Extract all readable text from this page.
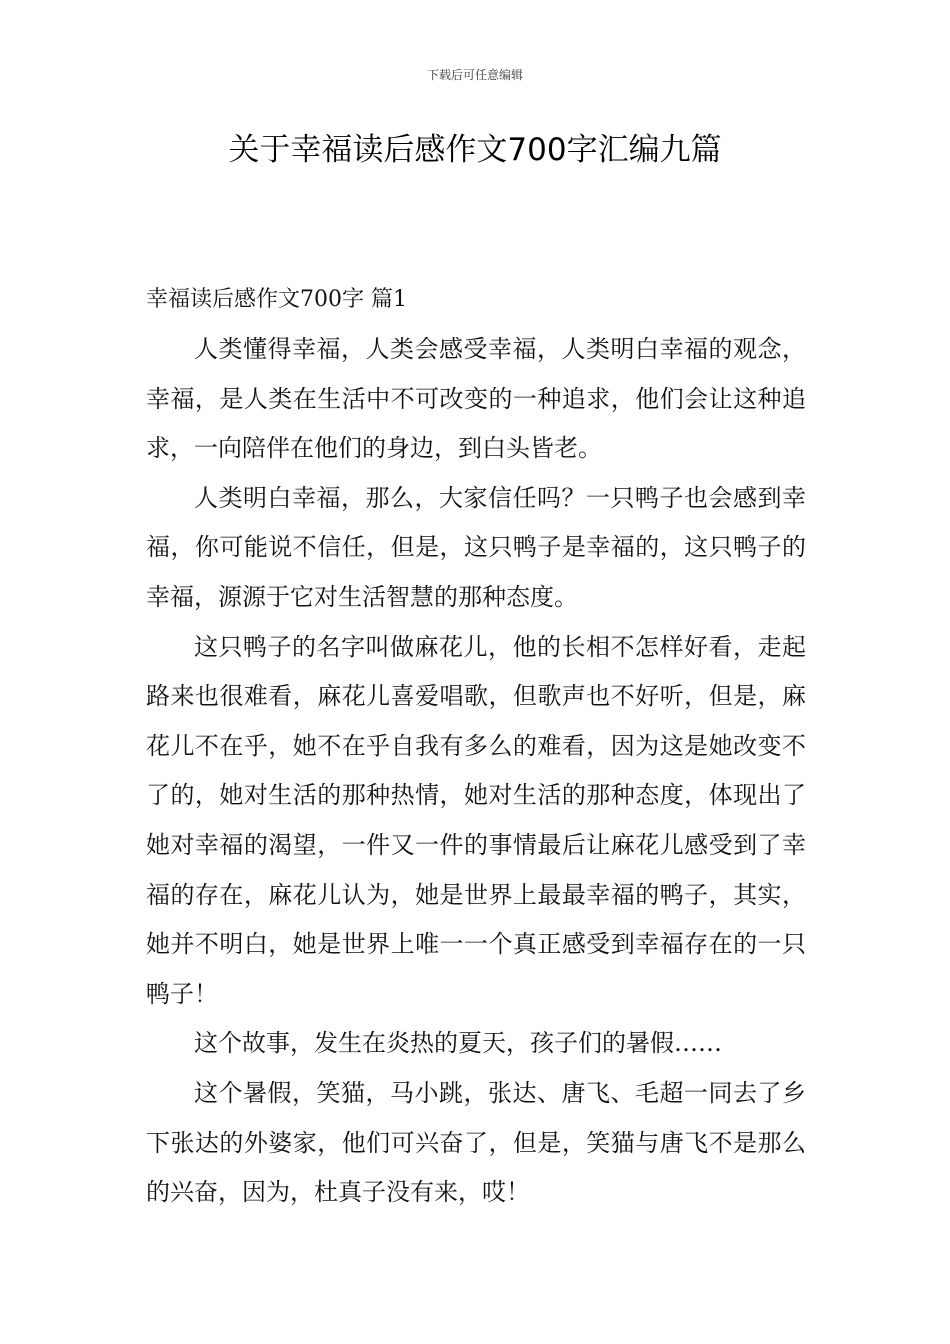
下载后可任意编辑
关于幸福读后感作文700字汇编九篇
幸福读后感作文700字 篇1

人类懂得幸福，人类会感受幸福，人类明白幸福的观念，幸福，是人类在生活中不可改变的一种追求，他们会让这种追求，一向陪伴在他们的身边，到白头皆老。

人类明白幸福，那么，大家信任吗？一只鸭子也会感到幸福，你可能说不信任，但是，这只鸭子是幸福的，这只鸭子的幸福，源源于它对生活智慧的那种态度。

这只鸭子的名字叫做麻花儿，他的长相不怎样好看，走起路来也很难看，麻花儿喜爱唱歌，但歌声也不好听，但是，麻花儿不在乎，她不在乎自我有多么的难看，因为这是她改变不了的，她对生活的那种热情，她对生活的那种态度，体现出了她对幸福的渴望，一件又一件的事情最后让麻花儿感受到了幸福的存在，麻花儿认为，她是世界上最最幸福的鸭子，其实，她并不明白，她是世界上唯一一个真正感受到幸福存在的一只鸭子！

这个故事，发生在炎热的夏天，孩子们的暑假……

这个暑假，笑猫，马小跳，张达、唐飞、毛超一同去了乡下张达的外婆家，他们可兴奋了，但是，笑猫与唐飞不是那么的兴奋，因为，杜真子没有来，哎！
